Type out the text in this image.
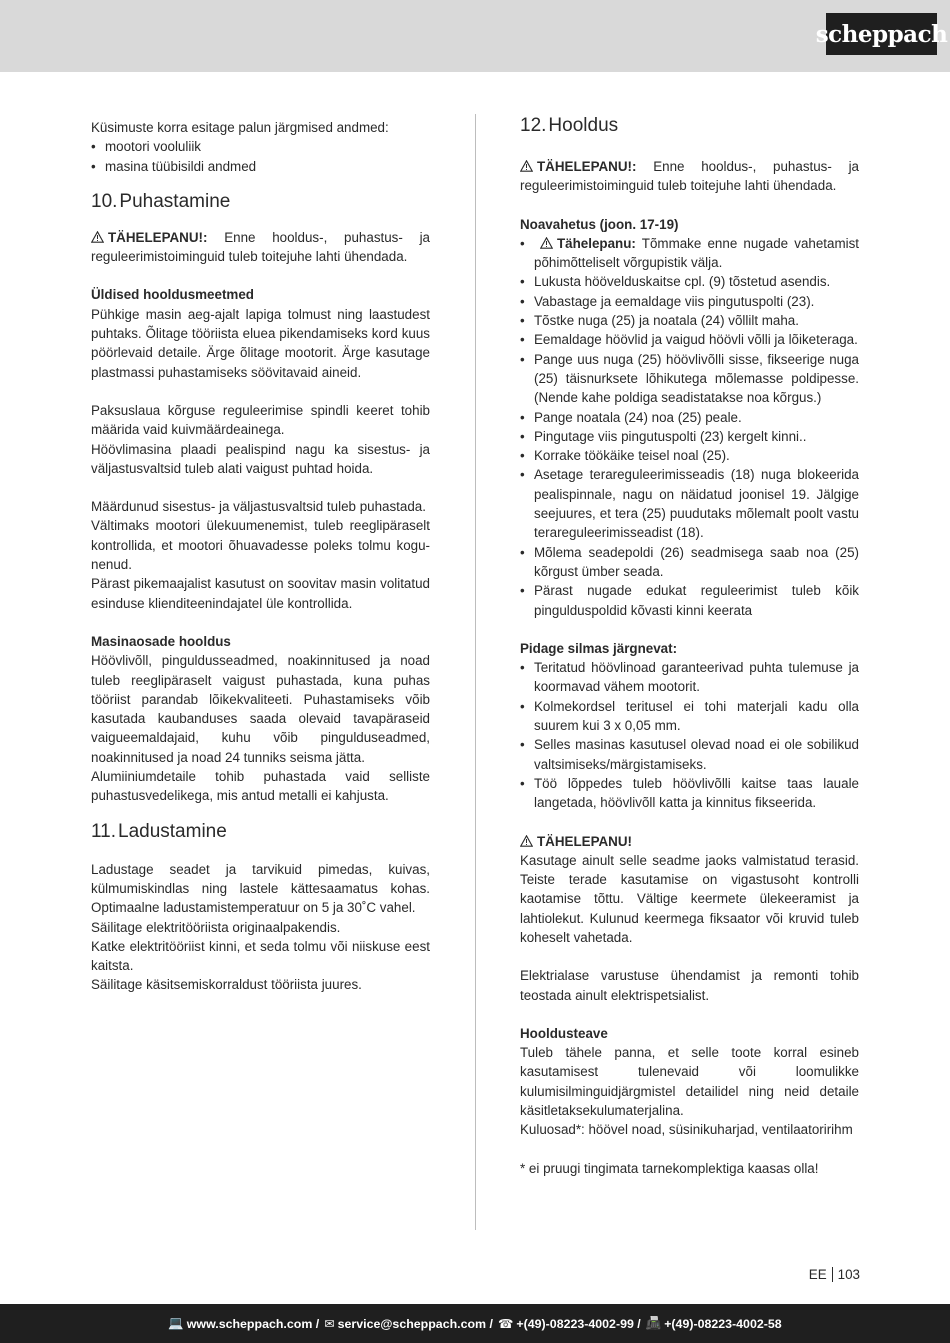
scheppach

Küsimuste korra esitage palun järgmised andmed:

• mootori vooluliik
• masina tüübisildi andmed
10. Puhastamine

TÄHELEPANU!: Enne hooldus-, puhastus- ja reguleerimistoiminguid tuleb toitejuhe lahti ühendada.

Üldised hooldusmeetmed

Pühkige masin aeg-ajalt lapiga tolmust ning laastudest puhtaks. Õlitage tööriista eluea pikendamiseks kord kuus pöörlevaid detaile. Ärge õlitage mootorit. Ärge kasutage plastmassi puhastamiseks söövitavaid aineid.

Paksuslaua kõrguse reguleerimise spindli keeret tohib määrida vaid kuivmäärdeainega.

Höövlimasina plaadi pealispind nagu ka sisestus- ja väljastusvaltsid tuleb alati vaigust puhtad hoida.

Määrdunud sisestus- ja väljastusvaltsid tuleb puhastada.

Vältimaks mootori ülekuumenemist, tuleb reeglipäraselt kontrollida, et mootori õhuavadesse poleks tolmu kogu-nenud.

Pärast pikemaajalist kasutust on soovitav masin volitatud esinduse klienditeenindajatel üle kontrollida.

Masinaosade hooldus

Höövlivõll, pinguldusseadmed, noakinnitused ja noad tuleb reeglipäraselt vaigust puhastada, kuna puhas tööriist parandab lõikekvaliteeti. Puhastamiseks võib kasutada kaubanduses saada olevaid tavapäraseid vaigueemaldajaid, kuhu võib pingulduseadmed, noakinnitused ja noad 24 tunniks seisma jätta.

Alumiiniumdetaile tohib puhastada vaid selliste puhastusvedelikega, mis antud metalli ei kahjusta.

11. Ladustamine

Ladustage seadet ja tarvikuid pimedas, kuivas, külmumiskindlas ning lastele kättesaamatus kohas. Optimaalne ladustamistemperatuur on 5 ja 30˚C vahel.

Säilitage elektritööriista originaalpakendis.

Katke elektritööriist kinni, et seda tolmu või niiskuse eest kaitsta.

Säilitage käsitsemiskorraldust tööriista juures.

12. Hooldus

TÄHELEPANU!: Enne hooldus-, puhastus- ja reguleerimistoiminguid tuleb toitejuhe lahti ühendada.

Noavahetus (joon. 17-19)

• Tähelepanu: Tõmmake enne nugade vahetamist põhimõtteliselt võrgupistik välja.
• Lukusta höövelduskaitse cpl. (9) tõstetud asendis.
• Vabastage ja eemaldage viis pingutuspolti (23).
• Tõstke nuga (25) ja noatala (24) võllilt maha.
• Eemaldage höövlid ja vaigud höövli võlli ja lõiketeraga.
• Pange uus nuga (25) höövlivõlli sisse, fikseerige nuga (25) täisnurksete lõhikutega mõlemasse poldipesse. (Nende kahe poldiga seadistatakse noa kõrgus.)
• Pange noatala (24) noa (25) peale.
• Pingutage viis pingutuspolti (23) kergelt kinni..
• Korrake töökäike teisel noal (25).
• Asetage terareguleerimisseadis (18) nuga blokeerida pealispinnale, nagu on näidatud joonisel 19. Jälgige seejuures, et tera (25) puudutaks mõlemalt poolt vastu terareguleerimisseadist (18).
• Mõlema seadepoldi (26) seadmisega saab noa (25) kõrgust ümber seada.
• Pärast nugade edukat reguleerimist tuleb kõik pingulduspoldid kõvasti kinni keerata

Pidage silmas järgnevat:

• Teritatud höövlinoad garanteerivad puhta tulemuse ja koormavad vähem mootorit.
• Kolmekordsel teritusel ei tohi materjali kadu olla suurem kui 3 x 0,05 mm.
• Selles masinas kasutusel olevad noad ei ole sobilikud valtsimiseks/märgistamiseks.
• Töö lõppedes tuleb höövlivõlli kaitse taas lauale langetada, höövlivõll katta ja kinnitus fikseerida.

TÄHELEPANU!

Kasutage ainult selle seadme jaoks valmistatud terasid. Teiste terade kasutamise on vigastusoht kontrolli kaotamise tõttu. Vältige keermete ülekeeramist ja lahtiolekut. Kulunud keermega fiksaator või kruvid tuleb koheselt vahetada.

Elektrialase varustuse ühendamist ja remonti tohib teostada ainult elektrispetsialist.

Hooldusteave

Tuleb tähele panna, et selle toote korral esineb kasutamisest tulenevaid või loomulikke kulumisilminguidjärgmistel detailidel ning neid detaile käsitletaksekulumaterjalina.

Kuluosad*: höövel noad, süsinikuharjad, ventilaatoririhm

* ei pruugi tingimata tarnekomplektiga kaasas olla!

EE 103
💻 www.scheppach.com / ✉ service@scheppach.com / ☎ +(49)-08223-4002-99 / 📠 +(49)-08223-4002-58
